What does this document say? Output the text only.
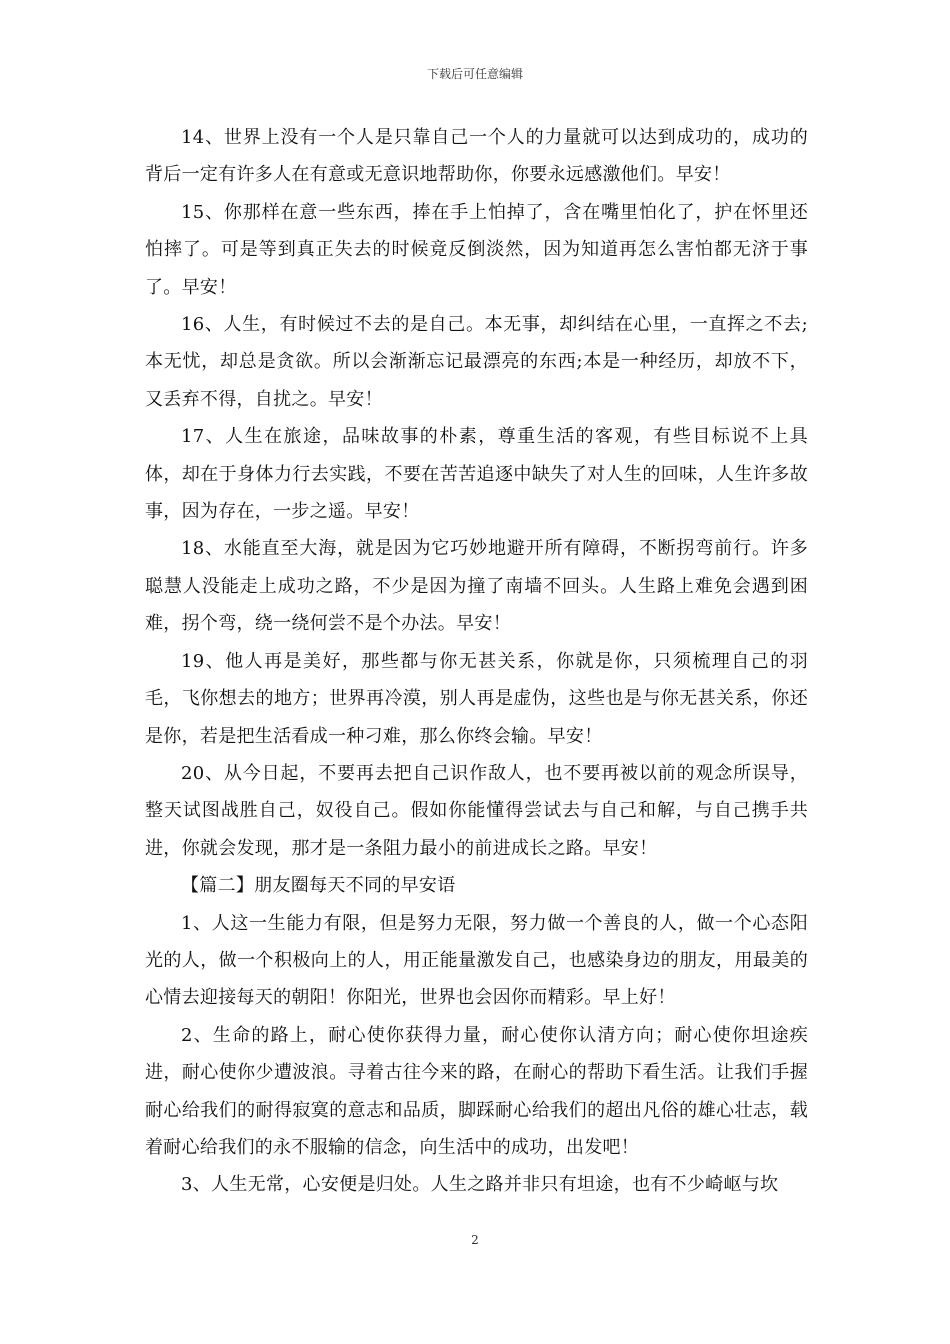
下载后可任意编辑

14、世界上没有一个人是只靠自己一个人的力量就可以达到成功的，成功的背后一定有许多人在有意或无意识地帮助你，你要永远感激他们。早安！

15、你那样在意一些东西，捧在手上怕掉了，含在嘴里怕化了，护在怀里还怕摔了。可是等到真正失去的时候竟反倒淡然，因为知道再怎么害怕都无济于事了。早安！

16、人生，有时候过不去的是自己。本无事，却纠结在心里，一直挥之不去;本无忧，却总是贪欲。所以会渐渐忘记最漂亮的东西;本是一种经历，却放不下，又丢弃不得，自扰之。早安！

17、人生在旅途，品味故事的朴素，尊重生活的客观，有些目标说不上具体，却在于身体力行去实践，不要在苦苦追逐中缺失了对人生的回味，人生许多故事，因为存在，一步之遥。早安！

18、水能直至大海，就是因为它巧妙地避开所有障碍，不断拐弯前行。许多聪慧人没能走上成功之路，不少是因为撞了南墙不回头。人生路上难免会遇到困难，拐个弯，绕一绕何尝不是个办法。早安！

19、他人再是美好，那些都与你无甚关系，你就是你，只须梳理自己的羽毛，飞你想去的地方；世界再冷漠，别人再是虚伪，这些也是与你无甚关系，你还是你，若是把生活看成一种刁难，那么你终会输。早安！

20、从今日起，不要再去把自己识作敌人，也不要再被以前的观念所误导，整天试图战胜自己，奴役自己。假如你能懂得尝试去与自己和解，与自己携手共进，你就会发现，那才是一条阻力最小的前进成长之路。早安！

【篇二】朋友圈每天不同的早安语

1、人这一生能力有限，但是努力无限，努力做一个善良的人，做一个心态阳光的人，做一个积极向上的人，用正能量激发自己，也感染身边的朋友，用最美的心情去迎接每天的朝阳！你阳光，世界也会因你而精彩。早上好！

2、生命的路上，耐心使你获得力量，耐心使你认清方向；耐心使你坦途疾进，耐心使你少遭波浪。寻着古往今来的路，在耐心的帮助下看生活。让我们手握耐心给我们的耐得寂寞的意志和品质，脚踩耐心给我们的超出凡俗的雄心壮志，载着耐心给我们的永不服输的信念，向生活中的成功，出发吧！

3、人生无常，心安便是归处。人生之路并非只有坦途，也有不少崎岖与坎

2
